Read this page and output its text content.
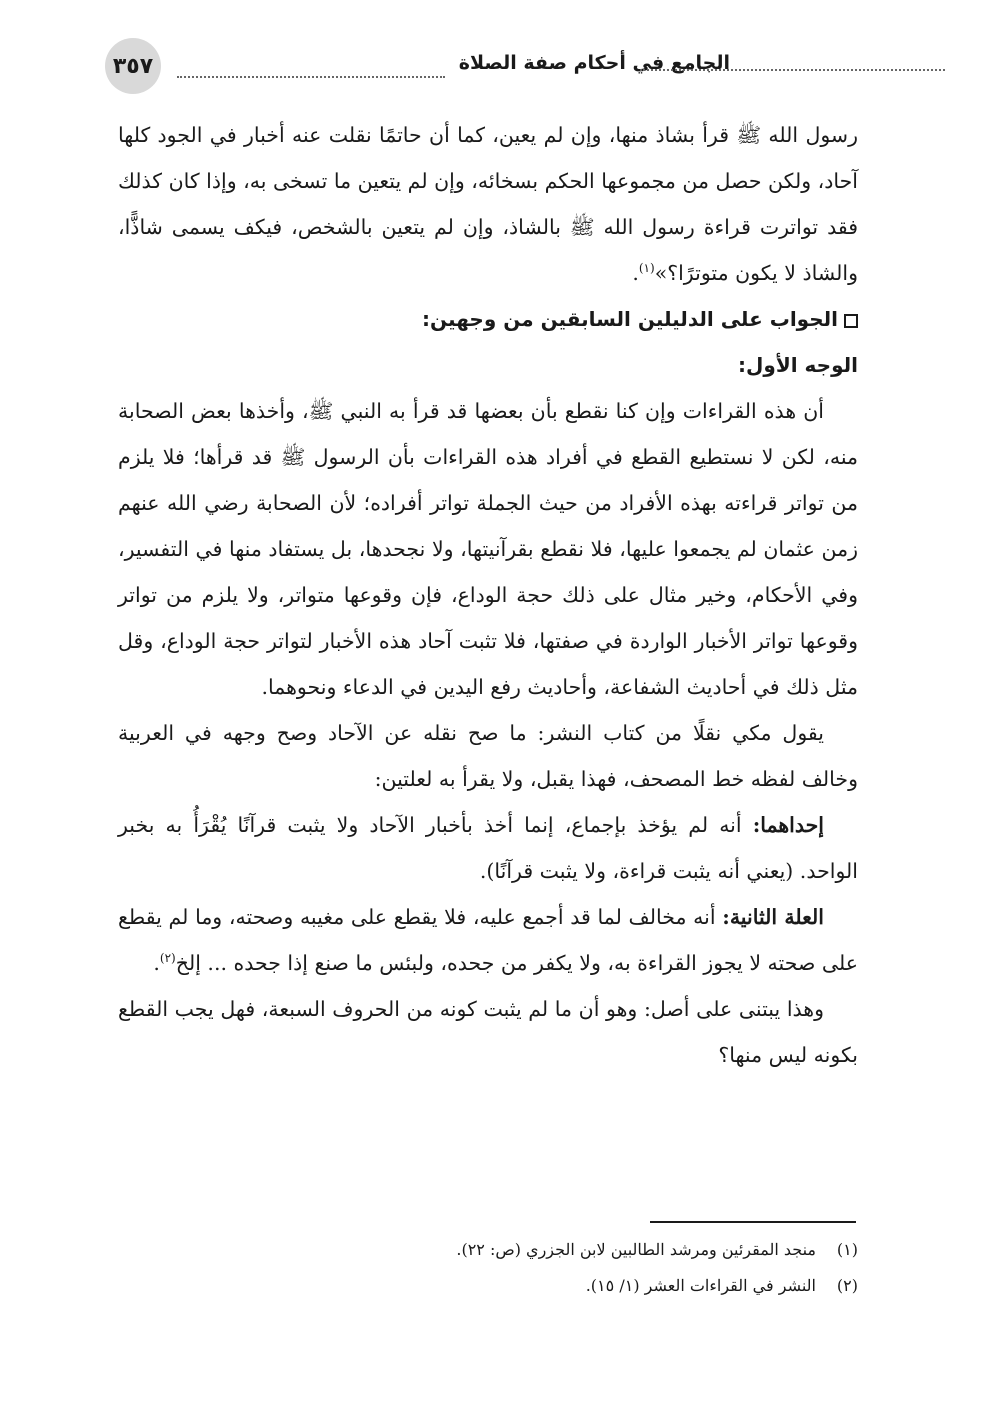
٣٥٧	الجامع في أحكام صفة الصلاة

رسول الله ﷺ قرأ بشاذ منها، وإن لم يعين، كما أن حاتمًا نقلت عنه أخبار في الجود كلها آحاد، ولكن حصل من مجموعها الحكم بسخائه، وإن لم يتعين ما تسخى به، وإذا كان كذلك فقد تواترت قراءة رسول الله ﷺ بالشاذ، وإن لم يتعين بالشخص، فيكف يسمى شاذًّا، والشاذ لا يكون متوترًا؟»$^{(١)}$.

الجواب على الدليلين السابقين من وجهين:

الوجه الأول:

أن هذه القراءات وإن كنا نقطع بأن بعضها قد قرأ به النبي ﷺ، وأخذها بعض الصحابة منه، لكن لا نستطيع القطع في أفراد هذه القراءات بأن الرسول ﷺ قد قرأها؛ فلا يلزم من تواتر قراءته بهذه الأفراد من حيث الجملة تواتر أفراده؛ لأن الصحابة رضي الله عنهم زمن عثمان لم يجمعوا عليها، فلا نقطع بقرآنيتها، ولا نجحدها، بل يستفاد منها في التفسير، وفي الأحكام، وخير مثال على ذلك حجة الوداع، فإن وقوعها متواتر، ولا يلزم من تواتر وقوعها تواتر الأخبار الواردة في صفتها، فلا تثبت آحاد هذه الأخبار لتواتر حجة الوداع، وقل مثل ذلك في أحاديث الشفاعة، وأحاديث رفع اليدين في الدعاء ونحوهما.

يقول مكي نقلًا من كتاب النشر: ما صح نقله عن الآحاد وصح وجهه في العربية وخالف لفظه خط المصحف، فهذا يقبل، ولا يقرأ به لعلتين:

إحداهما: أنه لم يؤخذ بإجماع، إنما أخذ بأخبار الآحاد ولا يثبت قرآنًا يُقْرَأُ به بخبر الواحد. (يعني أنه يثبت قراءة، ولا يثبت قرآنًا).

العلة الثانية: أنه مخالف لما قد أجمع عليه، فلا يقطع على مغيبه وصحته، وما لم يقطع على صحته لا يجوز القراءة به، ولا يكفر من جحده، ولبئس ما صنع إذا جحده ... إلخ$^{(٢)}$.

وهذا يبتنى على أصل: وهو أن ما لم يثبت كونه من الحروف السبعة، فهل يجب القطع بكونه ليس منها؟

(١)منجد المقرئين ومرشد الطالبين لابن الجزري (ص: ٢٢).
(٢)النشر في القراءات العشر (١/ ١٥).
